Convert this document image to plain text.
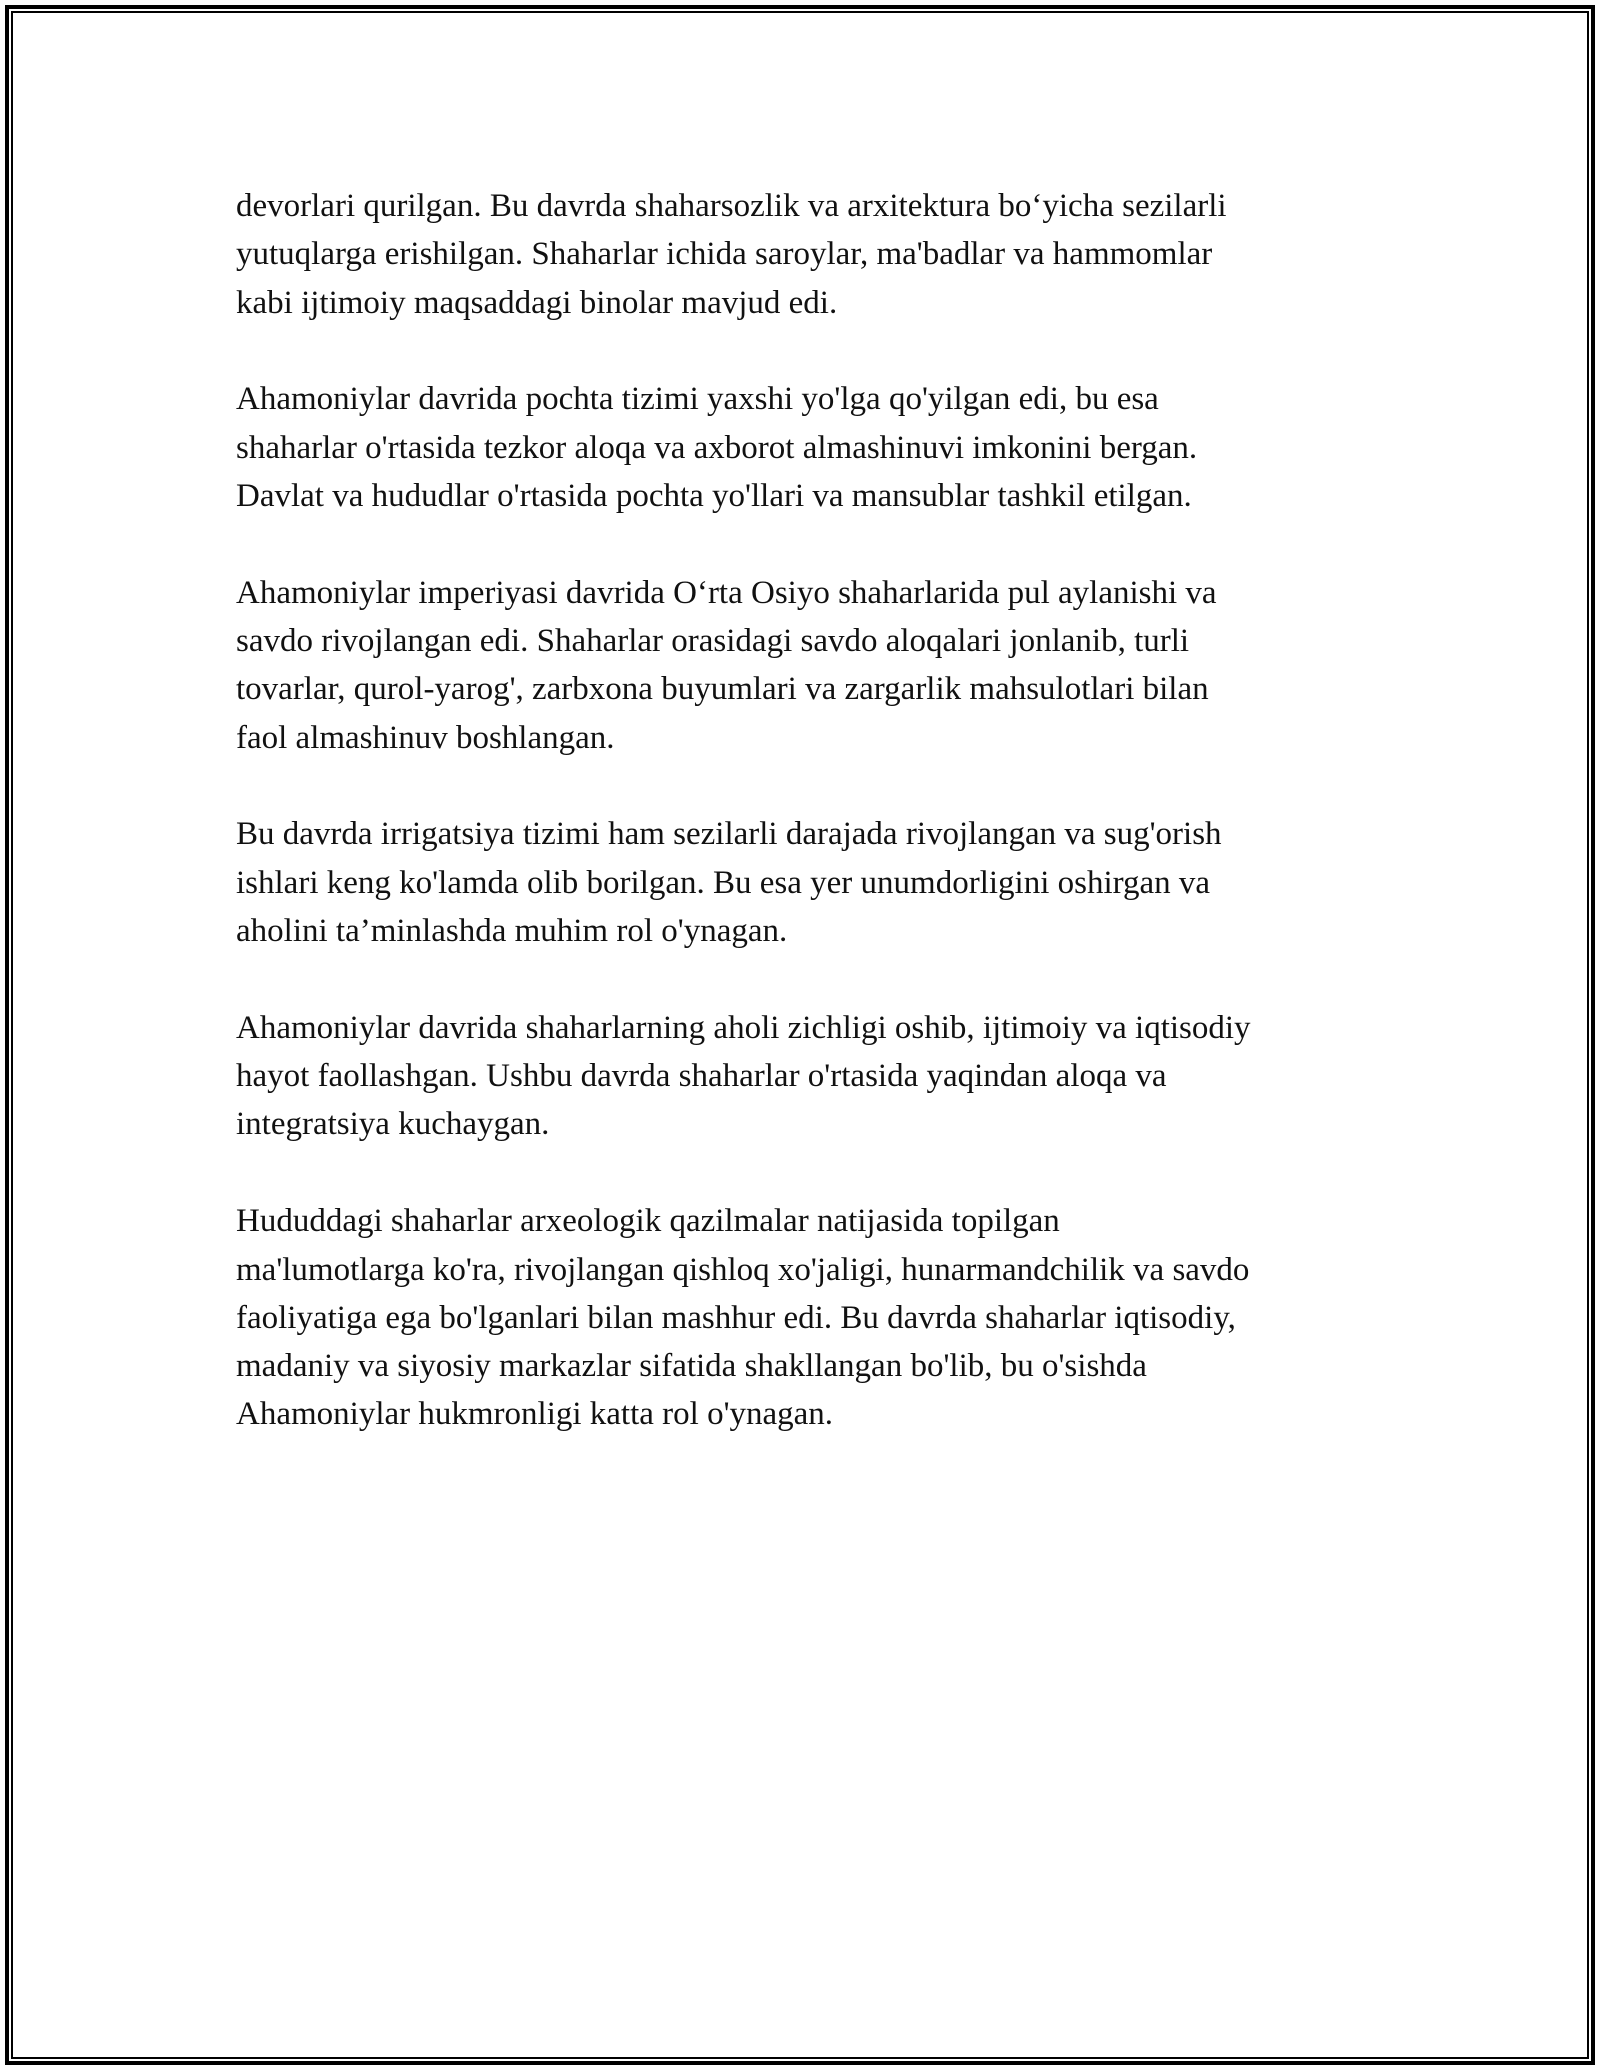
devorlari qurilgan. Bu davrda shaharsozlik va arxitektura bo‘yicha sezilarli
yutuqlarga erishilgan. Shaharlar ichida saroylar, ma'badlar va hammomlar
kabi ijtimoiy maqsaddagi binolar mavjud edi.

Ahamoniylar davrida pochta tizimi yaxshi yo'lga qo'yilgan edi, bu esa
shaharlar o'rtasida tezkor aloqa va axborot almashinuvi imkonini bergan.
Davlat va hududlar o'rtasida pochta yo'llari va mansublar tashkil etilgan.

Ahamoniylar imperiyasi davrida O‘rta Osiyo shaharlarida pul aylanishi va
savdo rivojlangan edi. Shaharlar orasidagi savdo aloqalari jonlanib, turli
tovarlar, qurol-yarog', zarbxona buyumlari va zargarlik mahsulotlari bilan
faol almashinuv boshlangan.

Bu davrda irrigatsiya tizimi ham sezilarli darajada rivojlangan va sug'orish
ishlari keng ko'lamda olib borilgan. Bu esa yer unumdorligini oshirgan va
aholini ta’minlashda muhim rol o'ynagan.

Ahamoniylar davrida shaharlarning aholi zichligi oshib, ijtimoiy va iqtisodiy
hayot faollashgan. Ushbu davrda shaharlar o'rtasida yaqindan aloqa va
integratsiya kuchaygan.

Hududdagi shaharlar arxeologik qazilmalar natijasida topilgan
ma'lumotlarga ko'ra, rivojlangan qishloq xo'jaligi, hunarmandchilik va savdo
faoliyatiga ega bo'lganlari bilan mashhur edi. Bu davrda shaharlar iqtisodiy,
madaniy va siyosiy markazlar sifatida shakllangan bo'lib, bu o'sishda
Ahamoniylar hukmronligi katta rol o'ynagan.
